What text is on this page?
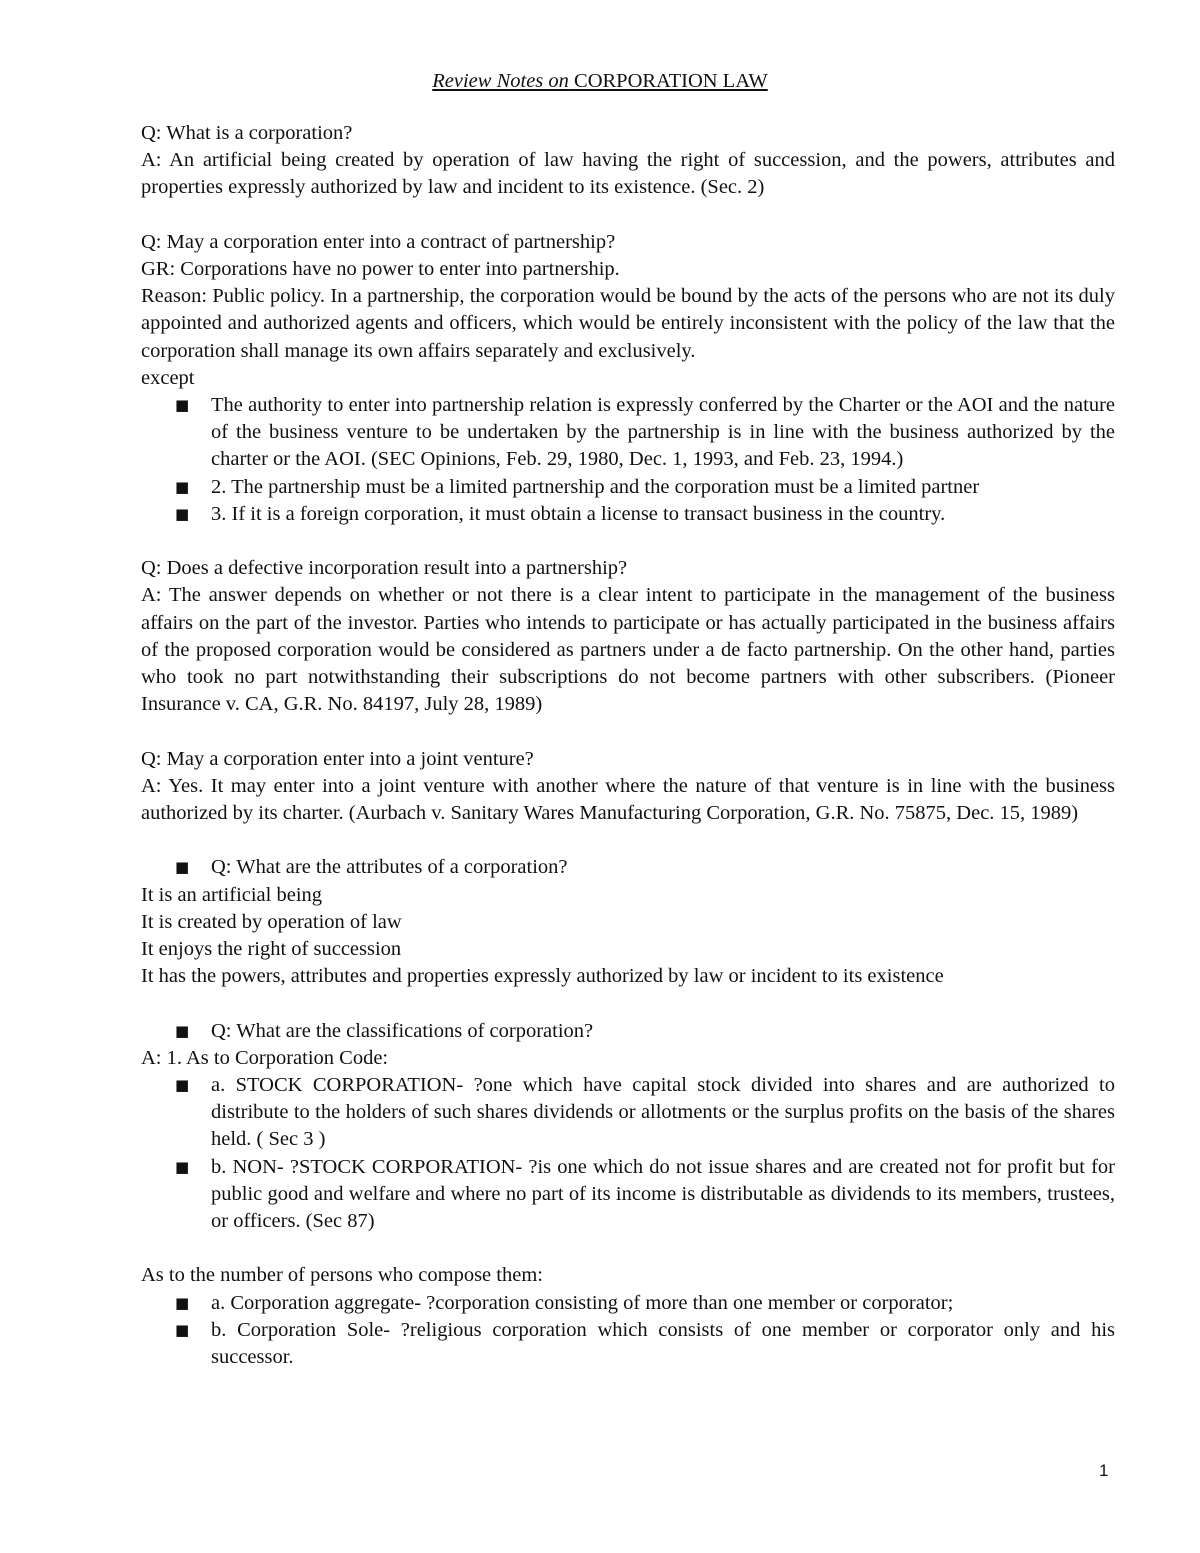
Review Notes on CORPORATION LAW

Q: What is a corporation?

A: An artificial being created by operation of law having the right of succession, and the powers, attributes and properties expressly authorized by law and incident to its existence. (Sec. 2)

Q: May a corporation enter into a contract of partnership?

GR: Corporations have no power to enter into partnership.

Reason: Public policy. In a partnership, the corporation would be bound by the acts of the persons who are not its duly appointed and authorized agents and officers, which would be entirely inconsistent with the policy of the law that the corporation shall manage its own affairs separately and exclusively.

except

■ The authority to enter into partnership relation is expressly conferred by the Charter or the AOI and the nature of the business venture to be undertaken by the partnership is in line with the business authorized by the charter or the AOI. (SEC Opinions, Feb. 29, 1980, Dec. 1, 1993, and Feb. 23, 1994.)
■ 2. The partnership must be a limited partnership and the corporation must be a limited partner
■ 3. If it is a foreign corporation, it must obtain a license to transact business in the country.

Q: Does a defective incorporation result into a partnership?

A: The answer depends on whether or not there is a clear intent to participate in the management of the business affairs on the part of the investor. Parties who intends to participate or has actually participated in the business affairs of the proposed corporation would be considered as partners under a de facto partnership. On the other hand, parties who took no part notwithstanding their subscriptions do not become partners with other subscribers. (Pioneer Insurance v. CA, G.R. No. 84197, July 28, 1989)

Q: May a corporation enter into a joint venture?

A: Yes. It may enter into a joint venture with another where the nature of that venture is in line with the business authorized by its charter. (Aurbach v. Sanitary Wares Manufacturing Corporation, G.R. No. 75875, Dec. 15, 1989)

■ Q: What are the attributes of a corporation?

It is an artificial being

It is created by operation of law

It enjoys the right of succession

It has the powers, attributes and properties expressly authorized by law or incident to its existence

■ Q: What are the classifications of corporation?

A: 1. As to Corporation Code:

■ a. STOCK CORPORATION- ?one which have capital stock divided into shares and are authorized to distribute to the holders of such shares dividends or allotments or the surplus profits on the basis of the shares held. ( Sec 3 )
■ b. NON- ?STOCK CORPORATION- ?is one which do not issue shares and are created not for profit but for public good and welfare and where no part of its income is distributable as dividends to its members, trustees, or officers. (Sec 87)

As to the number of persons who compose them:

■ a. Corporation aggregate- ?corporation consisting of more than one member or corporator;
■ b. Corporation Sole- ?religious corporation which consists of one member or corporator only and his successor.
1
